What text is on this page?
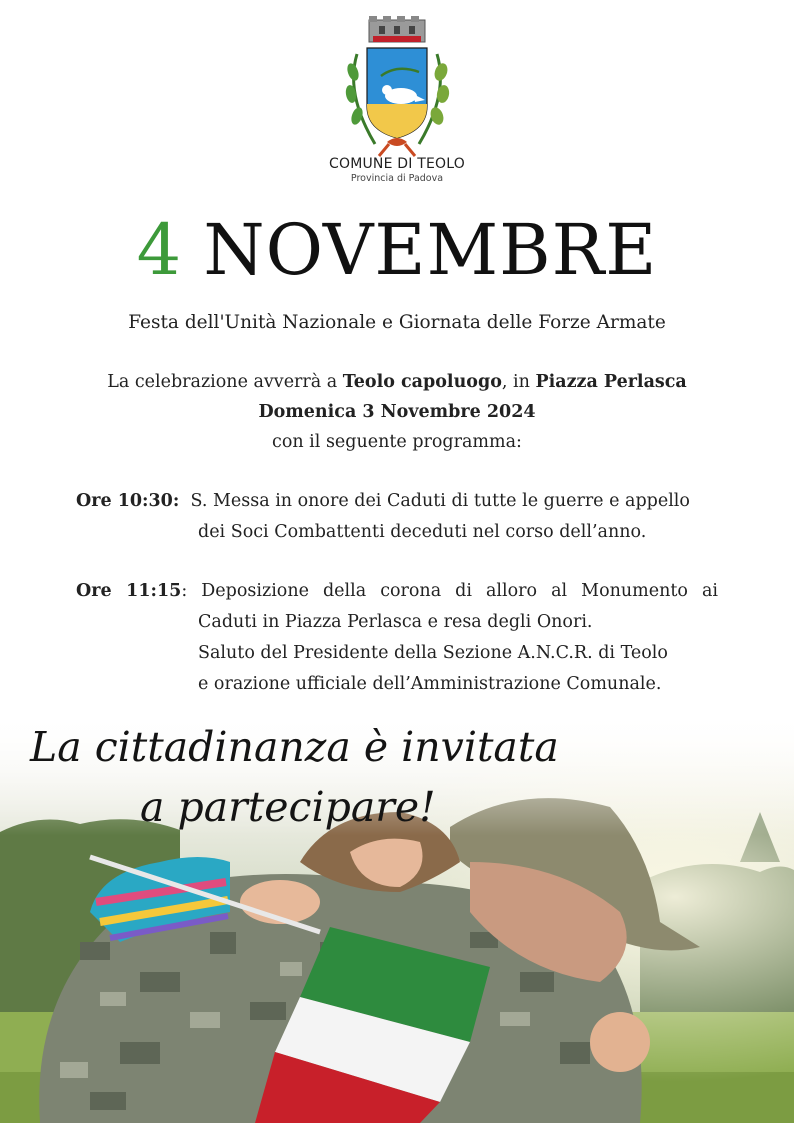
COMUNE DI TEOLO
Provincia di Padova
4 NOVEMBRE
Festa dell'Unità Nazionale e Giornata delle Forze Armate
La celebrazione avverrà a Teolo capoluogo, in Piazza Perlasca
Domenica 3 Novembre 2024
con il seguente programma:
Ore 10:30: S. Messa in onore dei Caduti di tutte le guerre e appello
dei Soci Combattenti deceduti nel corso dell’anno.
Ore 11:15: Deposizione della corona di alloro al Monumento ai
Caduti in Piazza Perlasca e resa degli Onori.
Saluto del Presidente della Sezione A.N.C.R. di Teolo
e orazione ufficiale dell’Amministrazione Comunale.
La cittadinanza è invitata
a partecipare!
